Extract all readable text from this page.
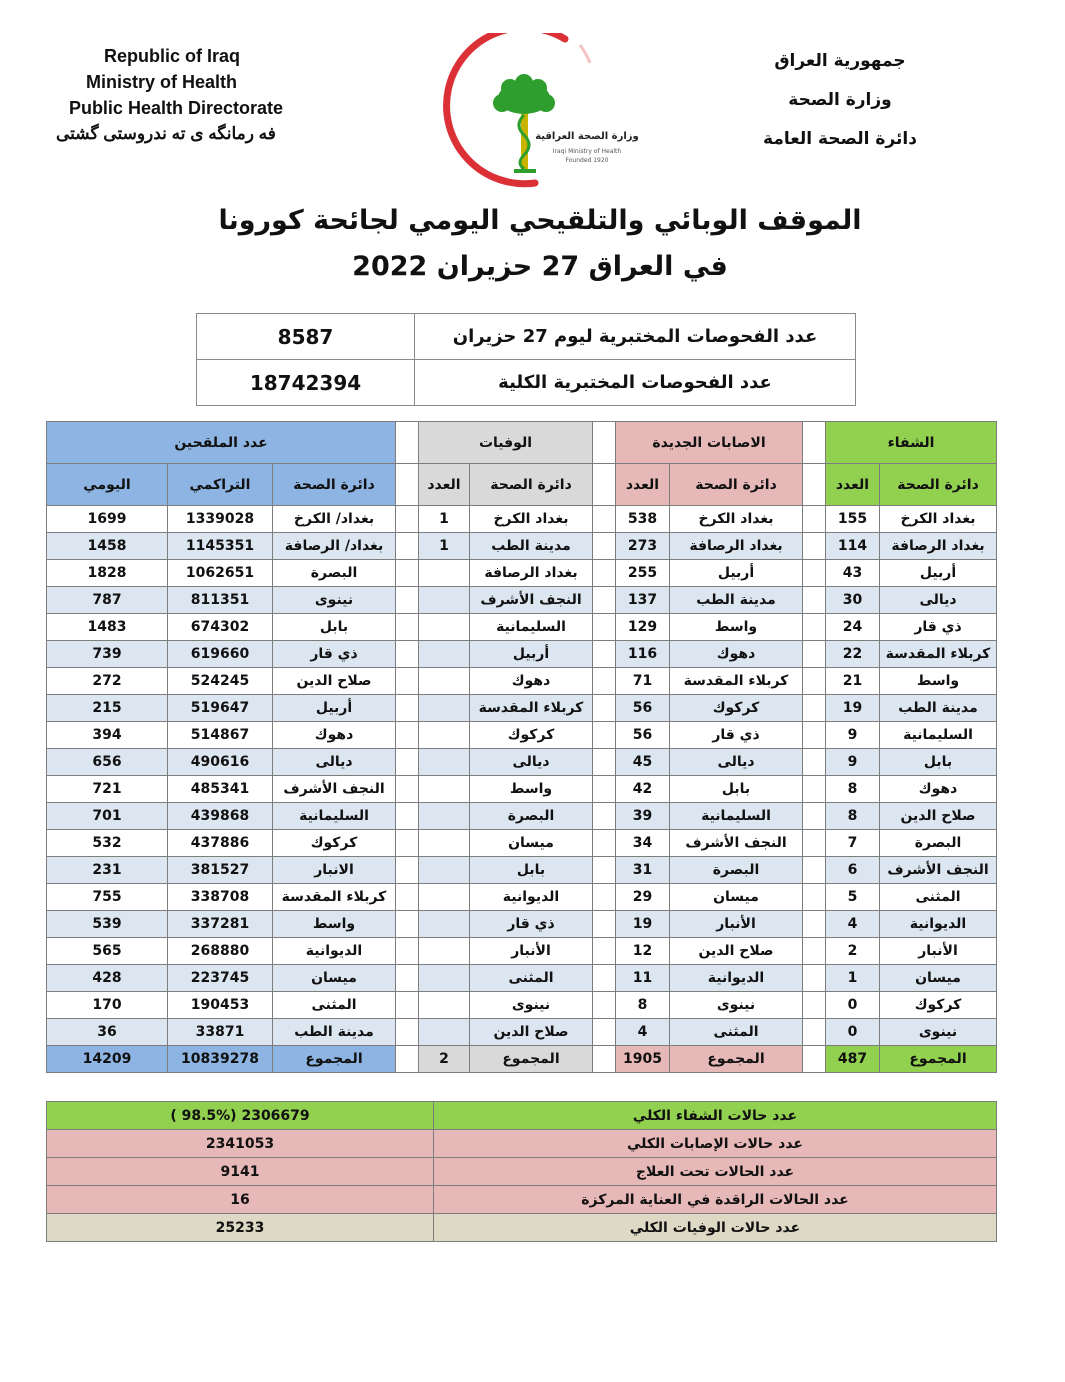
Republic of Iraq
Ministry of Health
Public Health Directorate
فه رمانگه ی ته ندروستی گشتی	وزارة الصحة العراقية
Iraqi Ministry of Health
Founded 1920
جمهورية العراق
وزارة الصحة
دائرة الصحة العامة
الموقف الوبائي والتلقيحي اليومي لجائحة كورونا
في العراق 27 حزيران 2022
8587	عدد الفحوصات المختبرية ليوم 27 حزيران
18742394	عدد الفحوصات المختبرية الكلية
الشفاء			الاصابات الجديدة			الوفيات			عدد الملقحين		
دائرة الصحة	العدد		دائرة الصحة	العدد		دائرة الصحة	العدد		دائرة الصحة	التراكمي	اليومي
بغداد الكرخ	155		بغداد الكرخ	538		بغداد الكرخ	1		بغداد/ الكرخ	1339028	1699
بغداد الرصافة	114		بغداد الرصافة	273		مدينة الطب	1		بغداد/ الرصافة	1145351	1458
أربيل	43		أربيل	255		بغداد الرصافة			البصرة	1062651	1828
ديالى	30		مدينة الطب	137		النجف الأشرف			نينوى	811351	787
ذي قار	24		واسط	129		السليمانية			بابل	674302	1483
كربلاء المقدسة	22		دهوك	116		أربيل			ذي قار	619660	739
واسط	21		كربلاء المقدسة	71		دهوك			صلاح الدين	524245	272
مدينة الطب	19		كركوك	56		كربلاء المقدسة			أربيل	519647	215
السليمانية	9		ذي قار	56		كركوك			دهوك	514867	394
بابل	9		ديالى	45		ديالى			ديالى	490616	656
دهوك	8		بابل	42		واسط			النجف الأشرف	485341	721
صلاح الدين	8		السليمانية	39		البصرة			السليمانية	439868	701
البصرة	7		النجف الأشرف	34		ميسان			كركوك	437886	532
النجف الأشرف	6		البصرة	31		بابل			الانبار	381527	231
المثنى	5		ميسان	29		الديوانية			كربلاء المقدسة	338708	755
الديوانية	4		الأنبار	19		ذي قار			واسط	337281	539
الأنبار	2		صلاح الدين	12		الأنبار			الديوانية	268880	565
ميسان	1		الديوانية	11		المثنى			ميسان	223745	428
كركوك	0		نينوى	8		نينوى			المثنى	190453	170
نينوى	0		المثنى	4		صلاح الدين			مدينة الطب	33871	36
المجموع	487		المجموع	1905		المجموع	2		المجموع	10839278	14209
عدد حالات الشفاء الكلي	( 98.5%) 2306679
عدد حالات الإصابات الكلي	2341053
عدد الحالات تحت العلاج	9141
عدد الحالات الراقدة في العناية المركزة	16
عدد حالات الوفيات الكلي	25233
